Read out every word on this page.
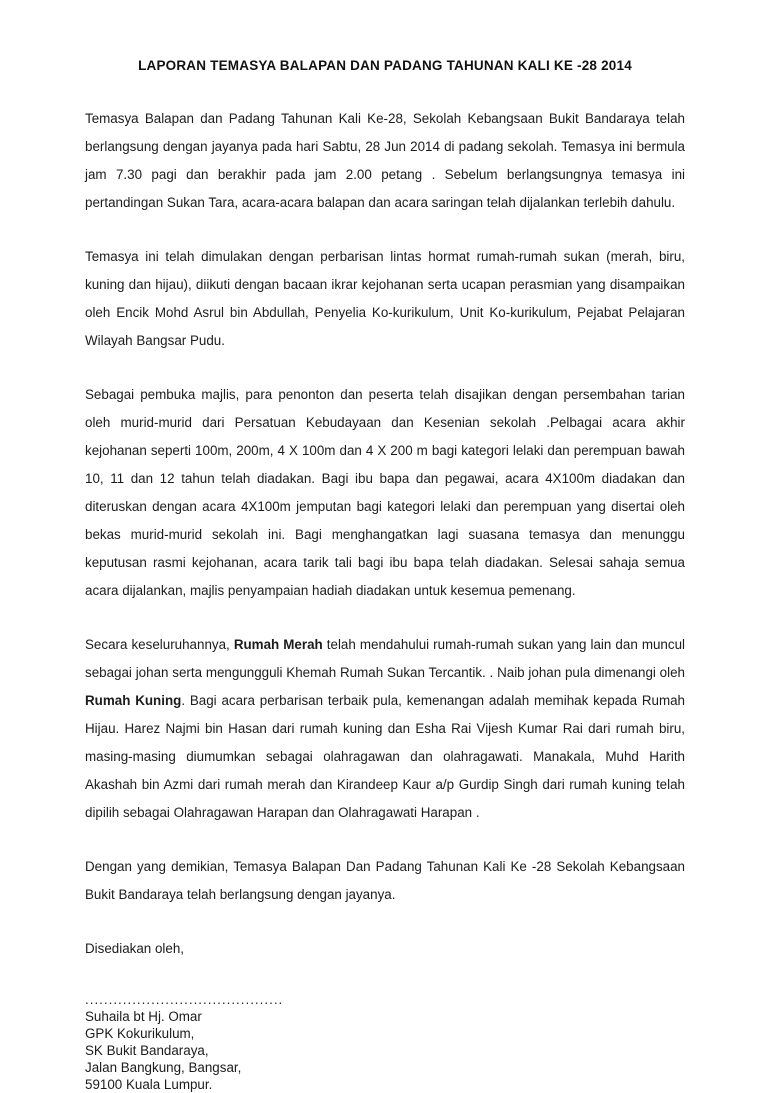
LAPORAN TEMASYA BALAPAN DAN PADANG TAHUNAN KALI KE -28 2014

Temasya Balapan dan Padang Tahunan Kali Ke-28, Sekolah Kebangsaan Bukit Bandaraya telah berlangsung dengan jayanya pada hari Sabtu, 28 Jun 2014 di padang sekolah. Temasya ini bermula jam 7.30 pagi dan berakhir pada jam 2.00 petang . Sebelum berlangsungnya temasya ini pertandingan Sukan Tara, acara-acara balapan dan acara saringan telah dijalankan terlebih dahulu.

Temasya ini telah dimulakan dengan perbarisan lintas hormat rumah-rumah sukan (merah, biru, kuning dan hijau), diikuti dengan bacaan ikrar kejohanan serta ucapan perasmian yang disampaikan oleh Encik Mohd Asrul bin Abdullah, Penyelia Ko-kurikulum, Unit Ko-kurikulum, Pejabat Pelajaran Wilayah Bangsar Pudu.

Sebagai pembuka majlis, para penonton dan peserta telah disajikan dengan persembahan tarian oleh murid-murid dari Persatuan Kebudayaan dan Kesenian sekolah .Pelbagai acara akhir kejohanan seperti 100m, 200m, 4 X 100m dan 4 X 200 m bagi kategori lelaki dan perempuan bawah 10, 11 dan 12 tahun telah diadakan. Bagi ibu bapa dan pegawai, acara 4X100m diadakan dan diteruskan dengan acara 4X100m jemputan bagi kategori lelaki dan perempuan yang disertai oleh bekas murid-murid sekolah ini. Bagi menghangatkan lagi suasana temasya dan menunggu keputusan rasmi kejohanan, acara tarik tali bagi ibu bapa telah diadakan. Selesai sahaja semua acara dijalankan, majlis penyampaian hadiah diadakan untuk kesemua pemenang.

Secara keseluruhannya, Rumah Merah telah mendahului rumah-rumah sukan yang lain dan muncul sebagai johan serta mengungguli Khemah Rumah Sukan Tercantik. . Naib johan pula dimenangi oleh Rumah Kuning. Bagi acara perbarisan terbaik pula, kemenangan adalah memihak kepada Rumah Hijau. Harez Najmi bin Hasan dari rumah kuning dan Esha Rai Vijesh Kumar Rai dari rumah biru, masing-masing diumumkan sebagai olahragawan dan olahragawati. Manakala, Muhd Harith Akashah bin Azmi dari rumah merah dan Kirandeep Kaur a/p Gurdip Singh dari rumah kuning telah dipilih sebagai Olahragawan Harapan dan Olahragawati Harapan .

Dengan yang demikian, Temasya Balapan Dan Padang Tahunan Kali Ke -28 Sekolah Kebangsaan Bukit Bandaraya telah berlangsung dengan jayanya.

Disediakan oleh,

..........................................
Suhaila bt Hj. Omar
GPK Kokurikulum,
SK Bukit Bandaraya,
Jalan Bangkung, Bangsar,
59100 Kuala Lumpur.
